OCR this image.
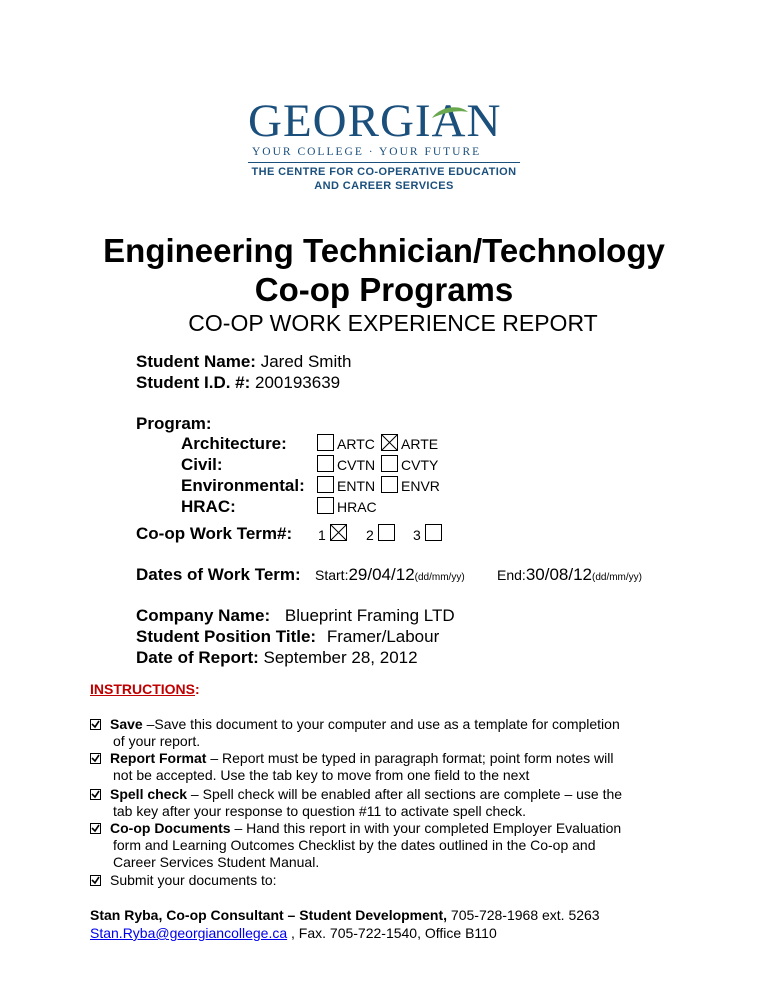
GEORGIAN
YOUR COLLEGE · YOUR FUTURE
THE CENTRE FOR CO-OPERATIVE EDUCATION
AND CAREER SERVICES
Engineering Technician/Technology
Co-op Programs
CO-OP WORK EXPERIENCE REPORT
Student Name: Jared Smith
Student I.D. #: 200193639
Program:
Architecture:	ARTC ARTE
Civil:	CVTN CVTY
Environmental: ENTN ENVR
HRAC:	HRAC
Co-op Work Term#: 1	2	3
Dates of Work Term: Start:29/04/12(dd/mm/yy) End:30/08/12(dd/mm/yy)
Company Name: Blueprint Framing LTD
Student Position Title: Framer/Labour
Date of Report: September 28, 2012
INSTRUCTIONS:
Save –Save this document to your computer and use as a template for completion
of your report.
Report Format – Report must be typed in paragraph format; point form notes will
not be accepted. Use the tab key to move from one field to the next
Spell check – Spell check will be enabled after all sections are complete – use the
tab key after your response to question #11 to activate spell check.
Co-op Documents – Hand this report in with your completed Employer Evaluation
form and Learning Outcomes Checklist by the dates outlined in the Co-op and
Career Services Student Manual.
Submit your documents to:
Stan Ryba, Co-op Consultant – Student Development, 705-728-1968 ext. 5263
Stan.Ryba@georgiancollege.ca , Fax. 705-722-1540, Office B110
